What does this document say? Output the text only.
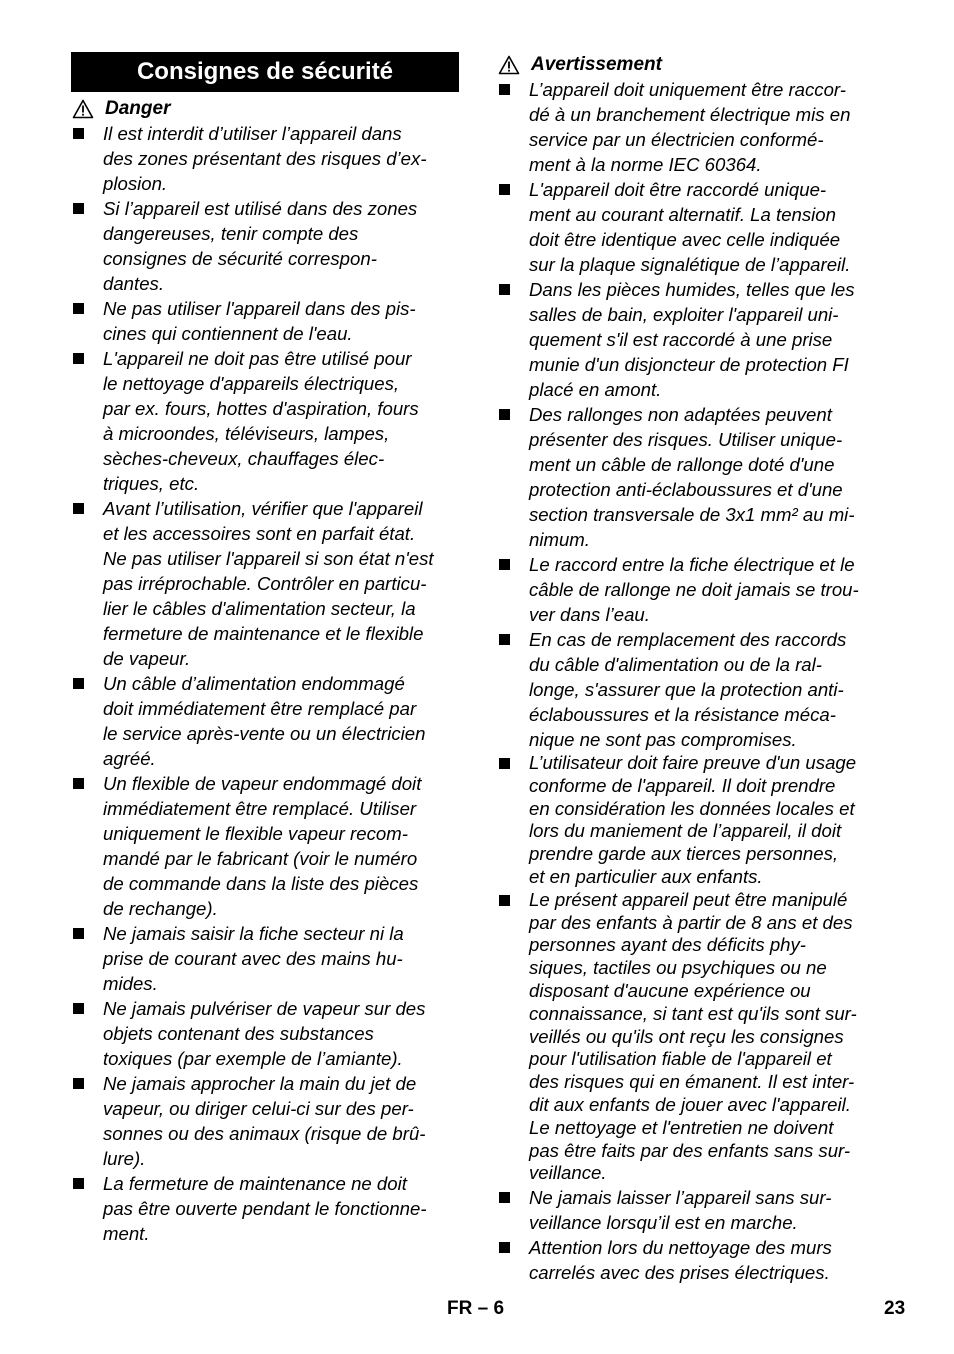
Consignes de sécurité
Danger
Il est interdit d’utiliser l’appareil dans
des zones présentant des risques d’ex-
plosion.
Si l’appareil est utilisé dans des zones
dangereuses, tenir compte des
consignes de sécurité correspon-
dantes.
Ne pas utiliser l'appareil dans des pis-
cines qui contiennent de l'eau.
L'appareil ne doit pas être utilisé pour
le nettoyage d'appareils électriques,
par ex. fours, hottes d'aspiration, fours
à microondes, téléviseurs, lampes,
sèches-cheveux, chauffages élec-
triques, etc.
Avant l’utilisation, vérifier que l'appareil
et les accessoires sont en parfait état.
Ne pas utiliser l'appareil si son état n'est
pas irréprochable. Contrôler en particu-
lier le câbles d'alimentation secteur, la
fermeture de maintenance et le flexible
de vapeur.
Un câble d’alimentation endommagé
doit immédiatement être remplacé par
le service après-vente ou un électricien
agréé.
Un flexible de vapeur endommagé doit
immédiatement être remplacé. Utiliser
uniquement le flexible vapeur recom-
mandé par le fabricant (voir le numéro
de commande dans la liste des pièces
de rechange).
Ne jamais saisir la fiche secteur ni la
prise de courant avec des mains hu-
mides.
Ne jamais pulvériser de vapeur sur des
objets contenant des substances
toxiques (par exemple de l’amiante).
Ne jamais approcher la main du jet de
vapeur, ou diriger celui-ci sur des per-
sonnes ou des animaux (risque de brû-
lure).
La fermeture de maintenance ne doit
pas être ouverte pendant le fonctionne-
ment.
Avertissement
L’appareil doit uniquement être raccor-
dé à un branchement électrique mis en
service par un électricien conformé-
ment à la norme IEC 60364.
L'appareil doit être raccordé unique-
ment au courant alternatif. La tension
doit être identique avec celle indiquée
sur la plaque signalétique de l’appareil.
Dans les pièces humides, telles que les
salles de bain, exploiter l'appareil uni-
quement s'il est raccordé à une prise
munie d'un disjoncteur de protection FI
placé en amont.
Des rallonges non adaptées peuvent
présenter des risques. Utiliser unique-
ment un câble de rallonge doté d'une
protection anti-éclaboussures et d'une
section transversale de 3x1 mm² au mi-
nimum.
Le raccord entre la fiche électrique et le
câble de rallonge ne doit jamais se trou-
ver dans l’eau.
En cas de remplacement des raccords
du câble d'alimentation ou de la ral-
longe, s'assurer que la protection anti-
éclaboussures et la résistance méca-
nique ne sont pas compromises.
L’utilisateur doit faire preuve d'un usage
conforme de l'appareil. Il doit prendre
en considération les données locales et
lors du maniement de l’appareil, il doit
prendre garde aux tierces personnes,
et en particulier aux enfants.
Le présent appareil peut être manipulé
par des enfants à partir de 8 ans et des
personnes ayant des déficits phy-
siques, tactiles ou psychiques ou ne
disposant d'aucune expérience ou
connaissance, si tant est qu'ils sont sur-
veillés ou qu'ils ont reçu les consignes
pour l'utilisation fiable de l'appareil et
des risques qui en émanent. Il est inter-
dit aux enfants de jouer avec l'appareil.
Le nettoyage et l'entretien ne doivent
pas être faits par des enfants sans sur-
veillance.
Ne jamais laisser l’appareil sans sur-
veillance lorsqu’il est en marche.
Attention lors du nettoyage des murs
carrelés avec des prises électriques.
FR – 6	23
